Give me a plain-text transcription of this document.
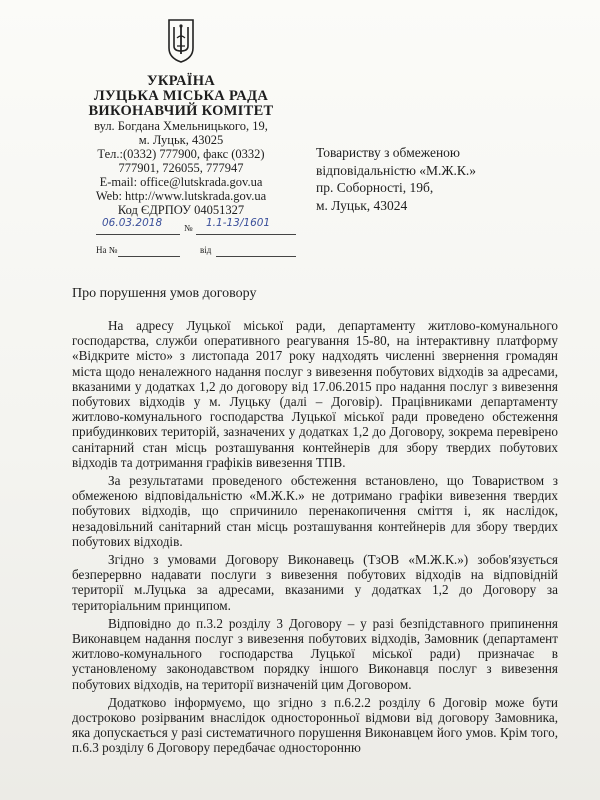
УКРАЇНА
ЛУЦЬКА МІСЬКА РАДА
ВИКОНАВЧИЙ КОМІТЕТ
вул. Богдана Хмельницького, 19,
м. Луцьк, 43025
Тел.:(0332) 777900, факс (0332)
777901, 726055, 777947
E-mail: office@lutskrada.gov.ua
Web: http://www.lutskrada.gov.ua
Код ЄДРПОУ 04051327
06.03.2018 № 1.1-13/1601
На №	від
Товариству з обмеженою
відповідальністю «М.Ж.К.»
пр. Соборності, 19б,
м. Луцьк, 43024
Про порушення умов договору

На адресу Луцької міської ради, департаменту житлово-комунального господарства, служби оперативного реагування 15-80, на інтерактивну платформу «Відкрите місто» з листопада 2017 року надходять численні звернення громадян міста щодо неналежного надання послуг з вивезення побутових відходів за адресами, вказаними у додатках 1,2 до договору від 17.06.2015 про надання послуг з вивезення побутових відходів у м. Луцьку (далі – Договір). Працівниками департаменту житлово-комунального господарства Луцької міської ради проведено обстеження прибудинкових територій, зазначених у додатках 1,2 до Договору, зокрема перевірено санітарний стан місць розташування контейнерів для збору твердих побутових відходів та дотримання графіків вивезення ТПВ.

За результатами проведеного обстеження встановлено, що Товариством з обмеженою відповідальністю «М.Ж.К.» не дотримано графіки вивезення твердих побутових відходів, що спричинило перенакопичення сміття і, як наслідок, незадовільний санітарний стан місць розташування контейнерів для збору твердих побутових відходів.

Згідно з умовами Договору Виконавець (ТзОВ «М.Ж.К.») зобов'язується безперервно надавати послуги з вивезення побутових відходів на відповідній території м.Луцька за адресами, вказаними у додатках 1,2 до Договору за територіальним принципом.

Відповідно до п.3.2 розділу 3 Договору – у разі безпідставного припинення Виконавцем надання послуг з вивезення побутових відходів, Замовник (департамент житлово-комунального господарства Луцької міської ради) призначає в установленому законодавством порядку іншого Виконавця послуг з вивезення побутових відходів, на території визначеній цим Договором.

Додатково інформуємо, що згідно з п.6.2.2 розділу 6 Договір може бути достроково розірваним внаслідок односторонньої відмови від договору Замовника, яка допускається у разі систематичного порушення Виконавцем його умов. Крім того, п.6.3 розділу 6 Договору передбачає односторонню
